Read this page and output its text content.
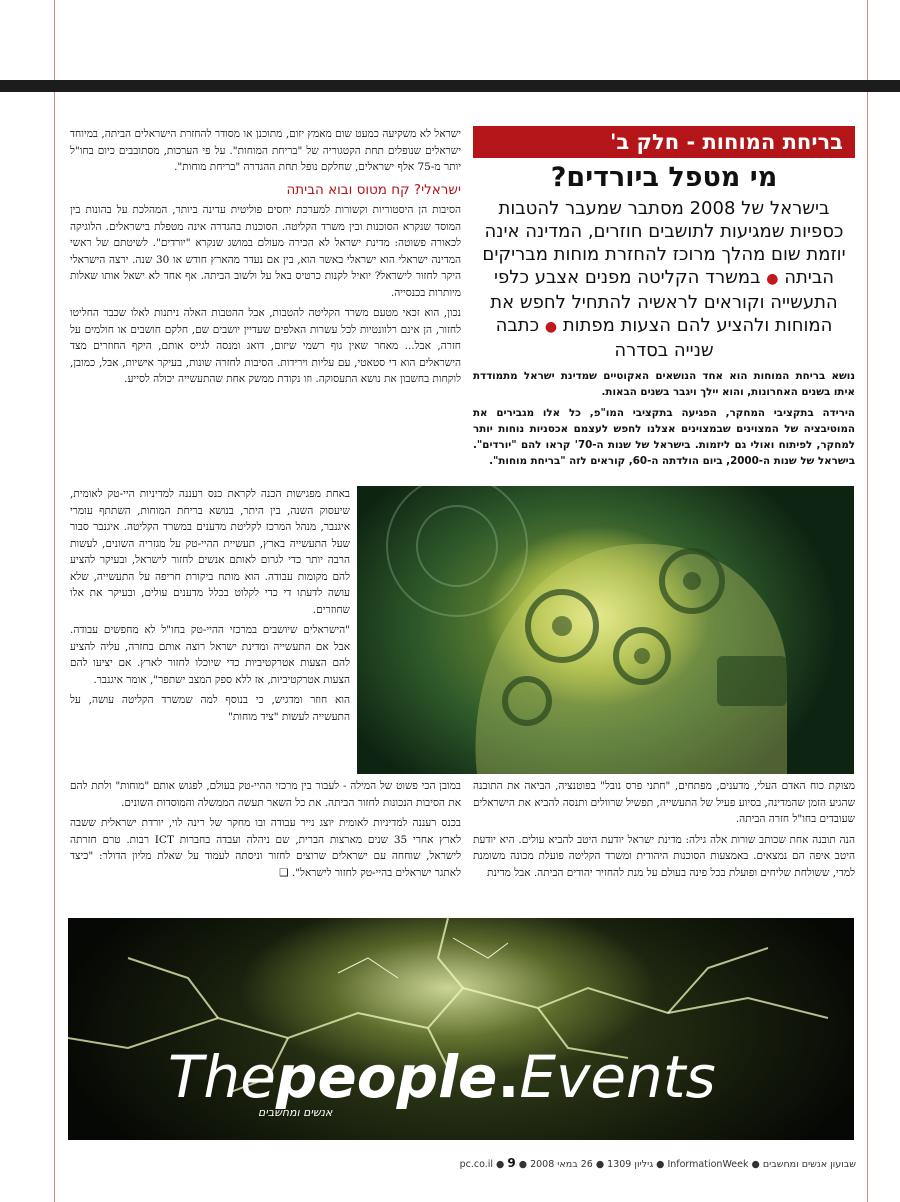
בריחת המוחות - חלק ב'
מי מטפל ביורדים?
בישראל של 2008 מסתבר שמעבר להטבות כספיות שמגיעות לתושבים חוזרים, המדינה אינה יוזמת שום מהלך מרוכז להחזרת מוחות מבריקים הביתה ● במשרד הקליטה מפנים אצבע כלפי התעשייה וקוראים לראשיה להתחיל לחפש את המוחות ולהציע להם הצעות מפתות ● כתבה שנייה בסדרה

נושא בריחת המוחות הוא אחד הנושאים האקוטיים שמדינת ישראל מתמודדת איתו בשנים האחרונות, והוא יילך ויגבר בשנים הבאות.

הירידה בתקציבי המחקר, הפגיעה בתקציבי המו"פ, כל אלו מגבירים את המוטיבציה של המצוינים שבמצוינים אצלנו לחפש לעצמם אכסניות נוחות יותר למחקר, לפיתוח ואולי גם ליזמות. בישראל של שנות ה-70' קראו להם "יורדים". בישראל של שנות ה-2000, ביום הולדתה ה-60, קוראים לזה "בריחת מוחות".

ישראל לא משקיעה כמעט שום מאמץ יזום, מתוכנן או מסודר להחזרת הישראלים הביתה, במיוחד ישראלים שנופלים תחת הקטגוריה של "בריחת המוחות". על פי הערכות, מסתובבים כיום בחו"ל יותר מ-75 אלף ישראלים, שחלקם נופל תחת ההגדרה "בריחת מוחות".

ישראלי? קח מטוס ובוא הביתה

הסיבות הן היסטוריות וקשורות למערכת יחסים פוליטית עדינה ביותר, המהלכת על בהונות בין המוסד שנקרא הסוכנות ובין משרד הקליטה. הסוכנות בהגדרה אינה מטפלת בישראלים. הלוגיקה לכאורה פשוטה: מדינת ישראל לא הכירה מעולם במושג שנקרא "יורדים". לשיטתם של ראשי המדינה ישראלי הוא ישראלי באשר הוא, בין אם נעדר מהארץ חודש או 30 שנה. ירצה הישראלי היקר לחזור לישראל? יואיל לקנות כרטיס באל על ולשוב הביתה. אף אחד לא ישאל אותו שאלות מיותרות בכנסייה.

נכון, הוא זכאי מטעם משרד הקליטה להטבות, אבל ההטבות האלה ניתנות לאלו שכבר החליטו לחזור, הן אינם רלוונטיות לכל עשרות האלפים שעדיין יושבים שם, חלקם חושבים או חולמים על חזרה, אבל... מאחר שאין גוף רשמי שיזום, דואג ומנסה לגייס אותם, היקף החוזרים מצד הישראלים הוא די סטאטי, עם עליות וירידות. הסיבות לחזרה שונות, בעיקר אישיות, אבל, כמובן, לוקחות בחשבון את נושא התעסוקה. וזו נקודת ממשק אחת שהתעשייה יכולה לסייע.

באחת מפגישות הכנה לקראת כנס רעננה למדיניות היי-טק לאומית, שיעסוק השנה, בין היתר, בנושא בריחת המוחות, השתתף עומרי איגנבר, מנהל המרכז לקליטת מדענים במשרד הקליטה. איגנבר סבור שעל התעשייה בארץ, תעשיית ההיי-טק על מגזריה השונים, לעשות הרבה יותר כדי לגרום לאותם אנשים לחזור לישראל, ובעיקר להציע להם מקומות עבודה. הוא מותח ביקורת חריפה על התעשייה, שלא עושה לדעתו די כדי לקלוט בכלל מדענים עולים, ובעיקר את אלו שחוזרים.

"הישראלים שיושבים במרכזי ההיי-טק בחו"ל לא מחפשים עבודה. אבל אם התעשייה ומדינת ישראל רוצה אותם בחזרה, עליה להציע להם הצעות אטרקטיביות כדי שיוכלו לחזור לארץ. אם יציעו להם הצעות אטרקטיביות, אז ללא ספק המצב ישתפר", אומר איגנבר.

הוא חוזר ומדגיש, כי בנוסף למה שמשרד הקליטה עושה, על התעשייה לעשות "ציד מוחות"

מצוקת כוח האדם העלי, מדענים, מפתחים, "חתני פרס נובל" בפוטנציה, הביאה את התובנה שהגיע הזמן שהמדינה, בסיוע פעיל של התעשייה, תפשיל שרוולים ותנסה להביא את הישראלים שעובדים בחו"ל חזרה הביתה.

הנה תובנה אחת שכותב שורות אלה גילה: מדינת ישראל יודעת היטב להביא עולים. היא יודעת היטב איפה הם נמצאים. באמצעות הסוכנות היהודית ומשרד הקליטה פועלת מכונה משומנת למדי, ששולחת שליחים ופועלת בכל פינה בעולם על מנת להחזיר יהודים הביתה. אבל מדינת

במובן הכי פשוט של המילה - לעבור בין מרכזי ההיי-טק בעולם, לפגוש אותם "מוחות" ולתת להם את הסיבות הנכונות לחזור הביתה. את כל השאר תעשה הממשלה והמוסדות השונים.

בכנס רעננה למדיניות לאומית יוצג נייר עבודה ובו מחקר של רינה לוי, יורדת ישראלית ששבה לארץ אחרי 35 שנים מארצות הברית, שם ניהלה ועבדה בחברות ICT רבות. טרם חזרתה לישראל, שוחחה עם ישראלים שרוצים לחזור וניסתה לעמוד על שאלת מליון הדולר: "כיצד לאתגר ישראלים בהיי-טק לחזור לישראל". ❑

Thepeople.Events
אנשים ומחשבים
שבועון אנשים ומחשבים ● InformationWeek ● גיליון 1309 ● 26 במאי 2008 ● pc.co.il ● 9
